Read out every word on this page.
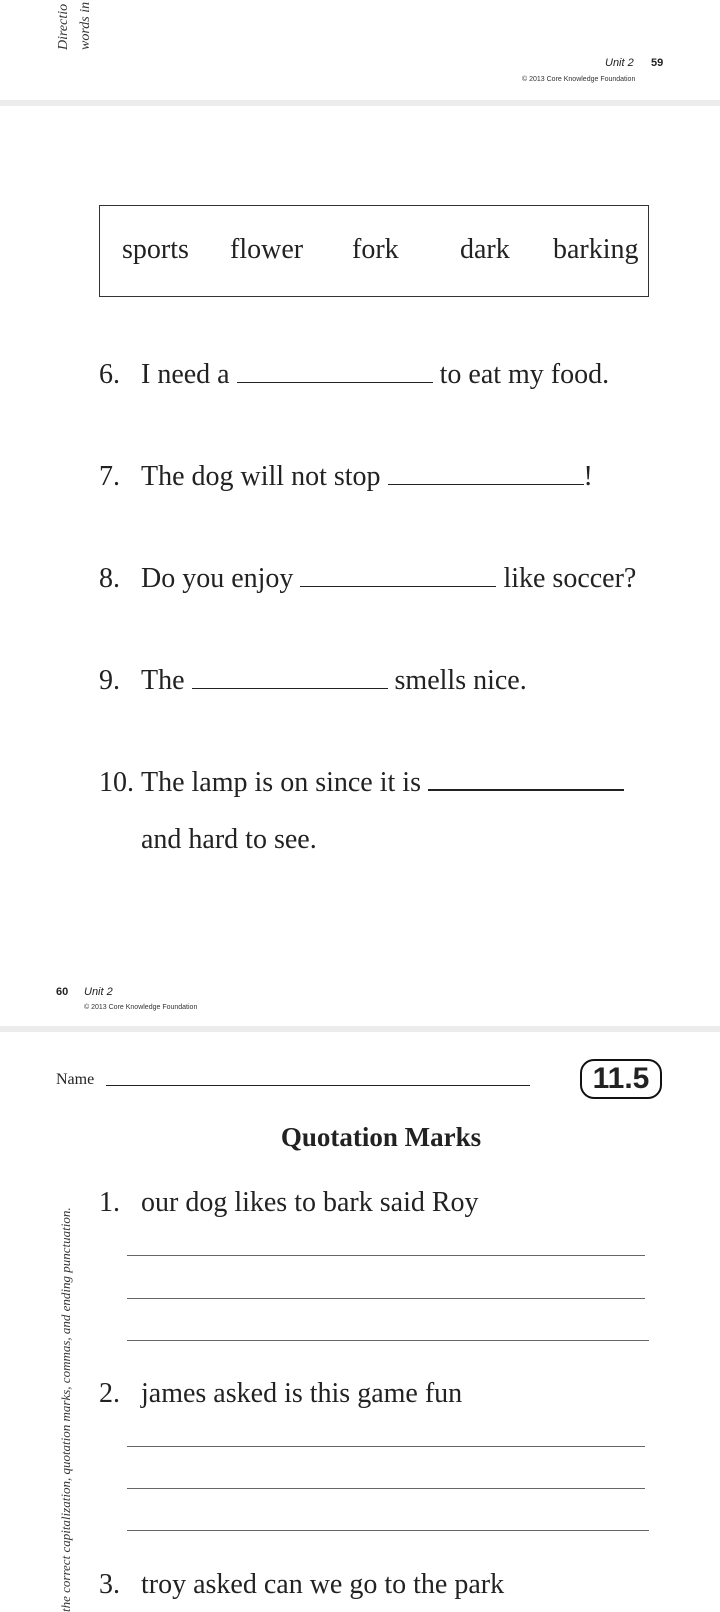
Directio words in
Unit 2 59
© 2013 Core Knowledge Foundation
sports flower fork dark barking
6. I need a	to eat my food.
7. The dog will not stop	!
8. Do you enjoy	like soccer?
9. The	smells nice.
10. The lamp is on since it is
and hard to see.
60 Unit 2
© 2013 Core Knowledge Foundation
Name	11.5
Quotation Marks
the correct capitalization, quotation marks, commas, and ending punctuation.
1. our dog likes to bark said Roy
2. james asked is this game fun
3. troy asked can we go to the park
